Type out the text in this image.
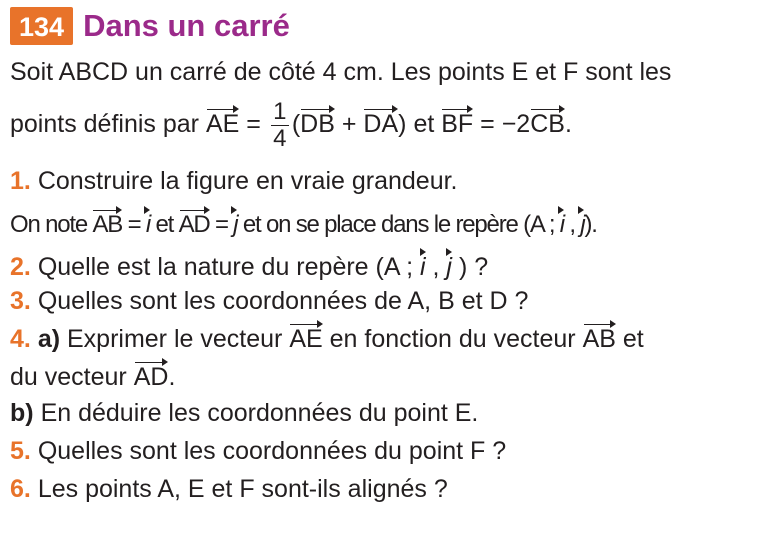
134 Dans un carré
Soit ABCD un carré de côté 4 cm. Les points E et F sont les
points définis par AE = $\frac{1}{4} (DB + DA)$ et BF = −2CB.
1. Construire la figure en vraie grandeur.
On note AB = i et AD = j et on se place dans le repère (A ; i , j).
2. Quelle est la nature du repère (A ; i , j ) ?
3. Quelles sont les coordonnées de A, B et D ?
4. a) Exprimer le vecteur AE en fonction du vecteur AB et
du vecteur AD.
b) En déduire les coordonnées du point E.
5. Quelles sont les coordonnées du point F ?
6. Les points A, E et F sont-ils alignés ?
